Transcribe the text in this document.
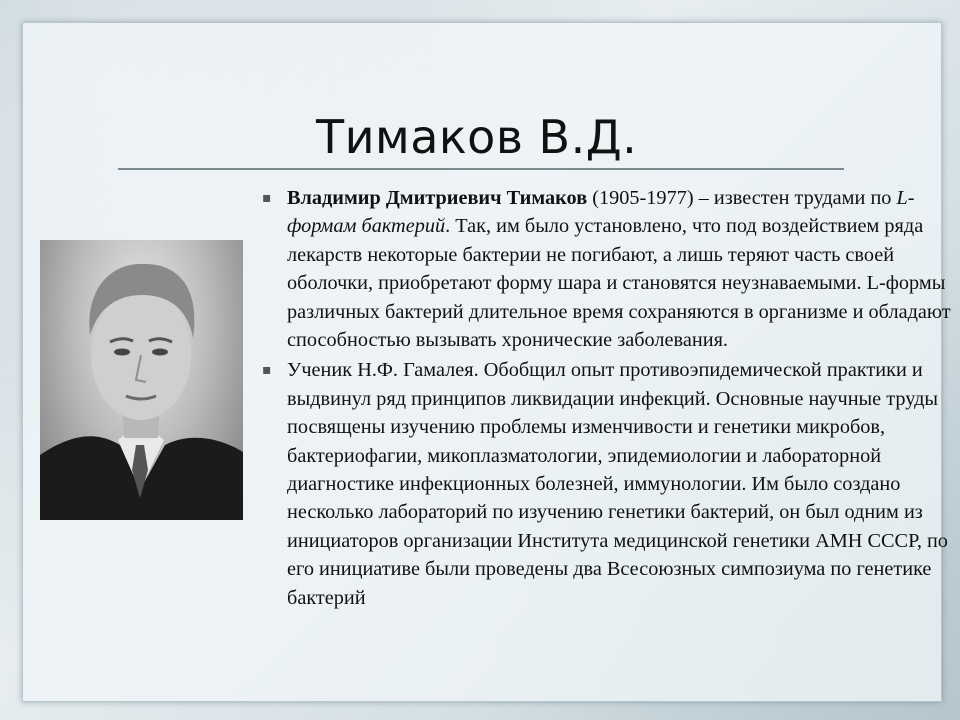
Тимаков В.Д.
▪ Владимир Дмитриевич Тимаков (1905-1977) – известен трудами по L-формам бактерий. Так, им было установлено, что под воздействием ряда лекарств некоторые бактерии не погибают, а лишь теряют часть своей оболочки, приобретают форму шара и становятся неузнаваемыми. L-формы различных бактерий длительное время сохраняются в организме и обладают способностью вызывать хронические заболевания.
▪ Ученик Н.Ф. Гамалея. Обобщил опыт противоэпидемической практики и выдвинул ряд принципов ликвидации инфекций. Основные научные труды посвящены изучению проблемы изменчивости и генетики микробов, бактериофагии, микоплазматологии, эпидемиологии и лабораторной диагностике инфекционных болезней, иммунологии. Им было создано несколько лабораторий по изучению генетики бактерий, он был одним из инициаторов организации Института медицинской генетики АМН СССР, по его инициативе были проведены два Всесоюзных симпозиума по генетике бактерий
